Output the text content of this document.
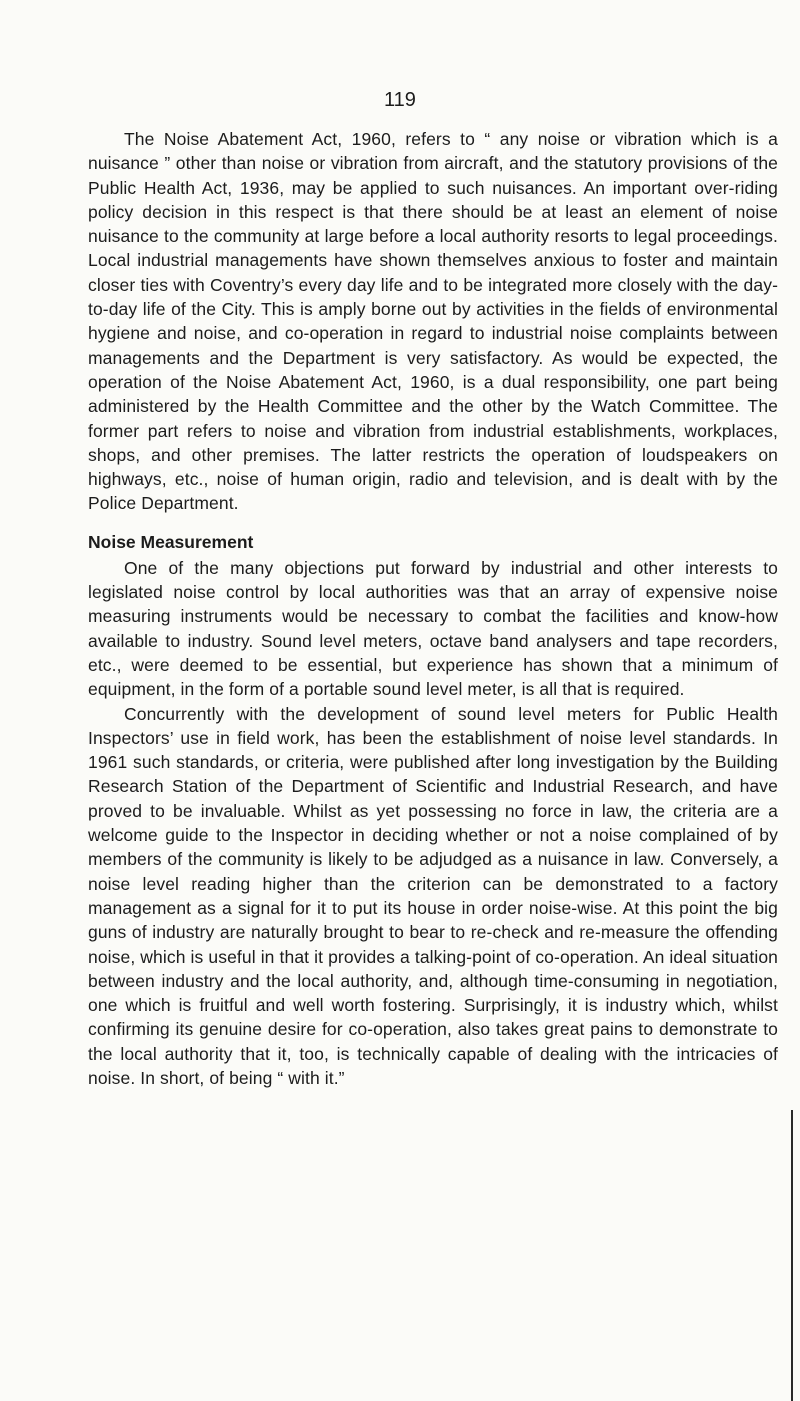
119

The Noise Abatement Act, 1960, refers to “ any noise or vibration which is a nuisance ” other than noise or vibration from aircraft, and the statutory provisions of the Public Health Act, 1936, may be applied to such nuisances. An important over-riding policy decision in this respect is that there should be at least an element of noise nuisance to the community at large before a local authority resorts to legal proceedings. Local industrial managements have shown themselves anxious to foster and maintain closer ties with Coventry’s every day life and to be integrated more closely with the day-to-day life of the City. This is amply borne out by activities in the fields of environmental hygiene and noise, and co-operation in regard to industrial noise complaints between managements and the Department is very satisfactory. As would be expected, the operation of the Noise Abatement Act, 1960, is a dual responsibility, one part being administered by the Health Committee and the other by the Watch Committee. The former part refers to noise and vibration from industrial establishments, workplaces, shops, and other premises. The latter restricts the operation of loudspeakers on highways, etc., noise of human origin, radio and television, and is dealt with by the Police Department.

Noise Measurement

One of the many objections put forward by industrial and other interests to legislated noise control by local authorities was that an array of expensive noise measuring instruments would be necessary to combat the facilities and know-how available to industry. Sound level meters, octave band analysers and tape recorders, etc., were deemed to be essential, but experience has shown that a minimum of equipment, in the form of a portable sound level meter, is all that is required.

Concurrently with the development of sound level meters for Public Health Inspectors’ use in field work, has been the establishment of noise level standards. In 1961 such standards, or criteria, were published after long investigation by the Building Research Station of the Department of Scientific and Industrial Research, and have proved to be invaluable. Whilst as yet possessing no force in law, the criteria are a welcome guide to the Inspector in deciding whether or not a noise complained of by members of the community is likely to be adjudged as a nuisance in law. Conversely, a noise level reading higher than the criterion can be demonstrated to a factory management as a signal for it to put its house in order noise-wise. At this point the big guns of industry are naturally brought to bear to re-check and re-measure the offending noise, which is useful in that it provides a talking-point of co-operation. An ideal situation between industry and the local authority, and, although time-consuming in negotiation, one which is fruitful and well worth fostering. Surprisingly, it is industry which, whilst confirming its genuine desire for co-operation, also takes great pains to demonstrate to the local authority that it, too, is technically capable of dealing with the intricacies of noise. In short, of being “ with it.”
